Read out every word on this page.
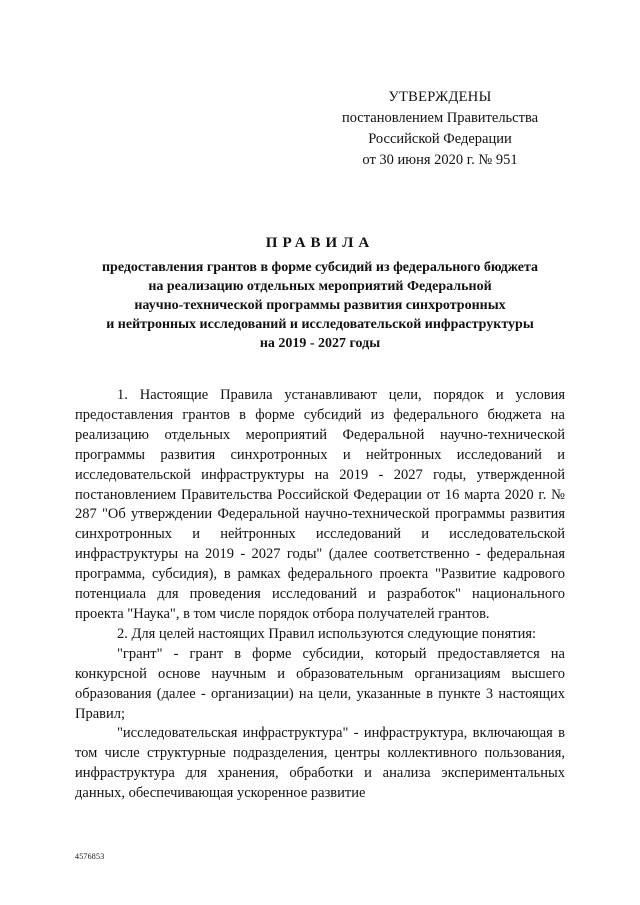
УТВЕРЖДЕНЫ
постановлением Правительства
Российской Федерации
от 30 июня 2020 г. № 951
ПРАВИЛА
предоставления грантов в форме субсидий из федерального бюджета
на реализацию отдельных мероприятий Федеральной
научно-технической программы развития синхротронных
и нейтронных исследований и исследовательской инфраструктуры
на 2019 - 2027 годы

1. Настоящие Правила устанавливают цели, порядок и условия предоставления грантов в форме субсидий из федерального бюджета на реализацию отдельных мероприятий Федеральной научно-технической программы развития синхротронных и нейтронных исследований и исследовательской инфраструктуры на 2019 - 2027 годы, утвержденной постановлением Правительства Российской Федерации от 16 марта 2020 г. № 287 "Об утверждении Федеральной научно-технической программы развития синхротронных и нейтронных исследований и исследовательской инфраструктуры на 2019 - 2027 годы" (далее соответственно - федеральная программа, субсидия), в рамках федерального проекта "Развитие кадрового потенциала для проведения исследований и разработок" национального проекта "Наука", в том числе порядок отбора получателей грантов.

2. Для целей настоящих Правил используются следующие понятия:

"грант" - грант в форме субсидии, который предоставляется на конкурсной основе научным и образовательным организациям высшего образования (далее - организации) на цели, указанные в пункте 3 настоящих Правил;

"исследовательская инфраструктура" - инфраструктура, включающая в том числе структурные подразделения, центры коллективного пользования, инфраструктура для хранения, обработки и анализа экспериментальных данных, обеспечивающая ускоренное развитие

4576853
